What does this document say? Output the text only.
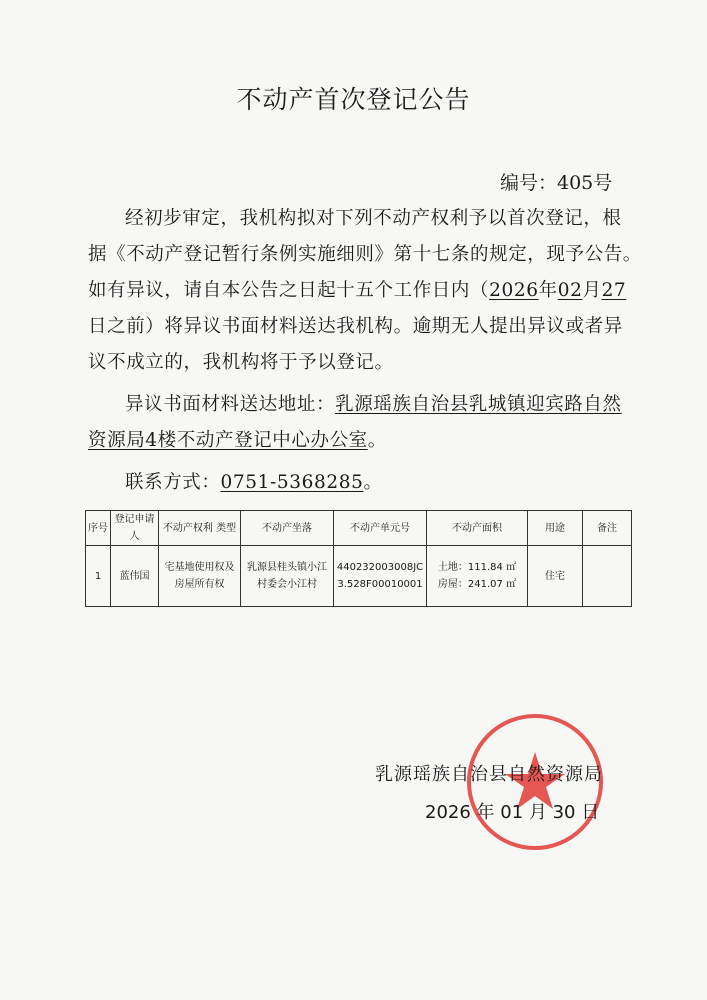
不动产首次登记公告
编号：405号
经初步审定，我机构拟对下列不动产权利予以首次登记，根
据《不动产登记暂行条例实施细则》第十七条的规定，现予公告。
如有异议，请自本公告之日起十五个工作日内（2026年02月27
日之前）将异议书面材料送达我机构。逾期无人提出异议或者异
议不成立的，我机构将于予以登记。
异议书面材料送达地址：乳源瑶族自治县乳城镇迎宾路自然
资源局4楼不动产登记中心办公室。
联系方式：0751-5368285。
序号	登记申请人	不动产权利 类型	不动产坐落	不动产单元号	不动产面积	用途	备注
1	蓝伟国	宅基地使用权及房屋所有权	乳源县桂头镇小江村委会小江村	440232003008JC3.528F00010001	土地：111.84 ㎡
房屋：241.07 ㎡	住宅	
乳源瑶族自治县自然资源局
2026 年 01 月 30 日
